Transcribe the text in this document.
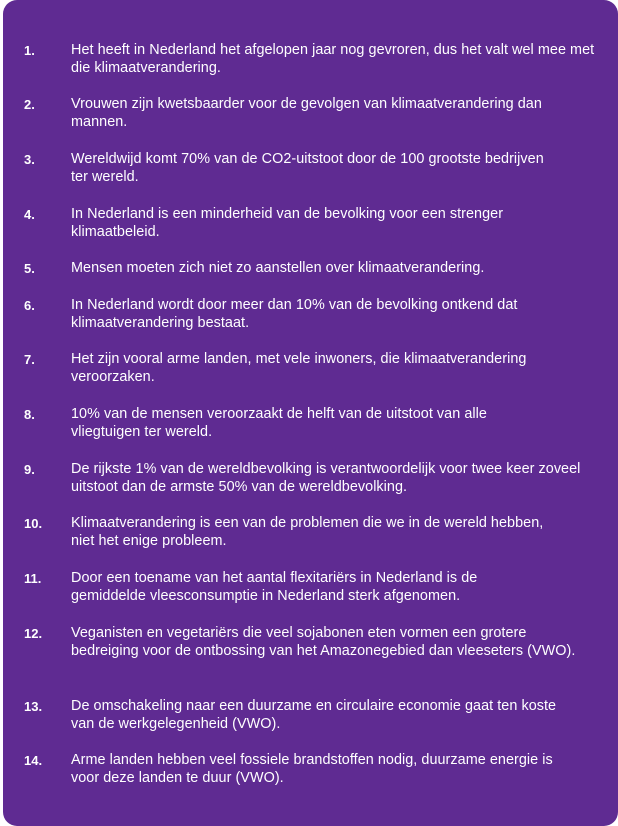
1.	Het heeft in Nederland het afgelopen jaar nog gevroren, dus het valt wel mee met die klimaatverandering.
2.	Vrouwen zijn kwetsbaarder voor de gevolgen van klimaatverandering dan mannen.
3.	Wereldwijd komt 70% van de CO2-uitstoot door de 100 grootste bedrijven ter wereld.
4.	In Nederland is een minderheid van de bevolking voor een strenger klimaatbeleid.
5.	Mensen moeten zich niet zo aanstellen over klimaatverandering.
6.	In Nederland wordt door meer dan 10% van de bevolking ontkend dat klimaatverandering bestaat.
7.	Het zijn vooral arme landen, met vele inwoners, die klimaatverandering veroorzaken.
8.	10% van de mensen veroorzaakt de helft van de uitstoot van alle vliegtuigen ter wereld.
9.	De rijkste 1% van de wereldbevolking is verantwoordelijk voor twee keer zoveel uitstoot dan de armste 50% van de wereldbevolking.
10. Klimaatverandering is een van de problemen die we in de wereld hebben, niet het enige probleem.
11. Door een toename van het aantal flexitariërs in Nederland is de gemiddelde vleesconsumptie in Nederland sterk afgenomen.
12. Veganisten en vegetariërs die veel sojabonen eten vormen een grotere bedreiging voor de ontbossing van het Amazonegebied dan vleeseters (VWO).
13. De omschakeling naar een duurzame en circulaire economie gaat ten koste van de werkgelegenheid (VWO).
14. Arme landen hebben veel fossiele brandstoffen nodig, duurzame energie is voor deze landen te duur (VWO).
